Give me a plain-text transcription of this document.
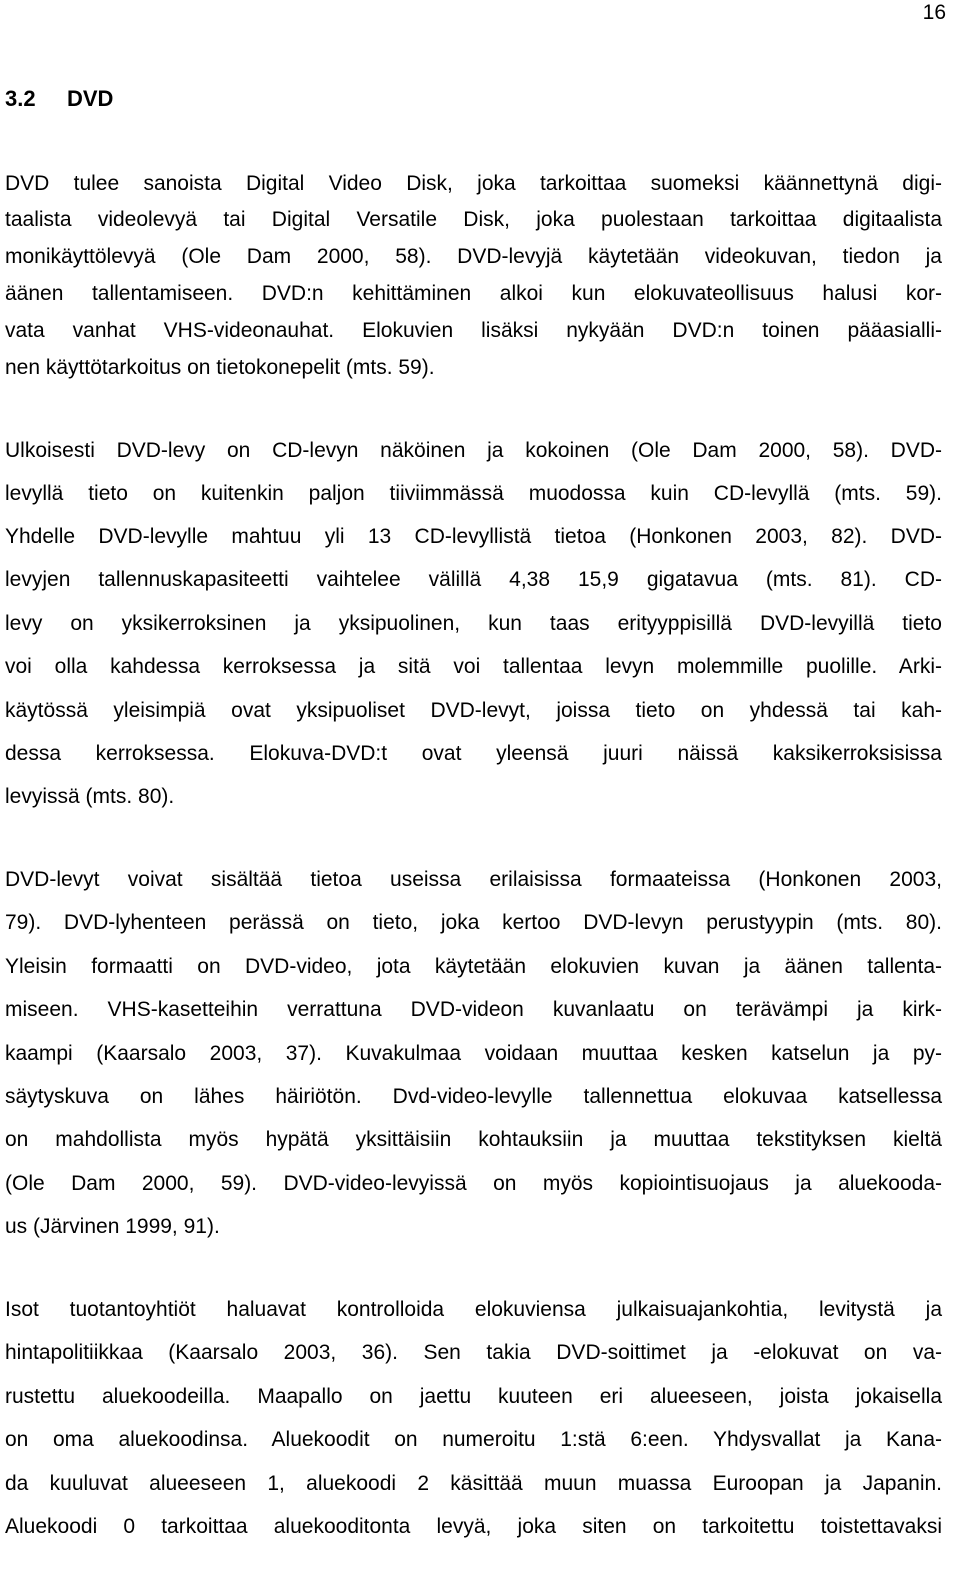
16
3.2 DVD
DVD tulee sanoista Digital Video Disk, joka tarkoittaa suomeksi käännettynä digi-
taalista videolevyä tai Digital Versatile Disk, joka puolestaan tarkoittaa digitaalista
monikäyttölevyä (Ole Dam 2000, 58). DVD-levyjä käytetään videokuvan, tiedon ja
äänen tallentamiseen. DVD:n kehittäminen alkoi kun elokuvateollisuus halusi kor-
vata vanhat VHS-videonauhat. Elokuvien lisäksi nykyään DVD:n toinen pääasialli-
nen käyttötarkoitus on tietokonepelit (mts. 59).
Ulkoisesti DVD-levy on CD-levyn näköinen ja kokoinen (Ole Dam 2000, 58). DVD-
levyllä tieto on kuitenkin paljon tiiviimmässä muodossa kuin CD-levyllä (mts. 59).
Yhdelle DVD-levylle mahtuu yli 13 CD-levyllistä tietoa (Honkonen 2003, 82). DVD-
levyjen tallennuskapasiteetti vaihtelee välillä 4,38 15,9 gigatavua (mts. 81). CD-
levy on yksikerroksinen ja yksipuolinen, kun taas erityyppisillä DVD-levyillä tieto
voi olla kahdessa kerroksessa ja sitä voi tallentaa levyn molemmille puolille. Arki-
käytössä yleisimpiä ovat yksipuoliset DVD-levyt, joissa tieto on yhdessä tai kah-
dessa kerroksessa. Elokuva-DVD:t ovat yleensä juuri näissä kaksikerroksisissa
levyissä (mts. 80).
DVD-levyt voivat sisältää tietoa useissa erilaisissa formaateissa (Honkonen 2003,
79). DVD-lyhenteen perässä on tieto, joka kertoo DVD-levyn perustyypin (mts. 80).
Yleisin formaatti on DVD-video, jota käytetään elokuvien kuvan ja äänen tallenta-
miseen. VHS-kasetteihin verrattuna DVD-videon kuvanlaatu on terävämpi ja kirk-
kaampi (Kaarsalo 2003, 37). Kuvakulmaa voidaan muuttaa kesken katselun ja py-
säytyskuva on lähes häiriötön. Dvd-video-levylle tallennettua elokuvaa katsellessa
on mahdollista myös hypätä yksittäisiin kohtauksiin ja muuttaa tekstityksen kieltä
(Ole Dam 2000, 59). DVD-video-levyissä on myös kopiointisuojaus ja aluekoodа-
us (Järvinen 1999, 91).
Isot tuotantoyhtiöt haluavat kontrolloida elokuviensa julkaisuajankohtia, levitystä ja
hintapolitiikkaa (Kaarsalo 2003, 36). Sen takia DVD-soittimet ja -elokuvat on va-
rustettu aluekoodeilla. Maapallo on jaettu kuuteen eri alueeseen, joista jokaisella
on oma aluekoodinsa. Aluekoodit on numeroitu 1:stä 6:een. Yhdysvallat ja Kana-
da kuuluvat alueeseen 1, aluekoodi 2 käsittää muun muassa Euroopan ja Japanin.
Aluekoodi 0 tarkoittaa aluekooditonta levyä, joka siten on tarkoitettu toistettavaksi
